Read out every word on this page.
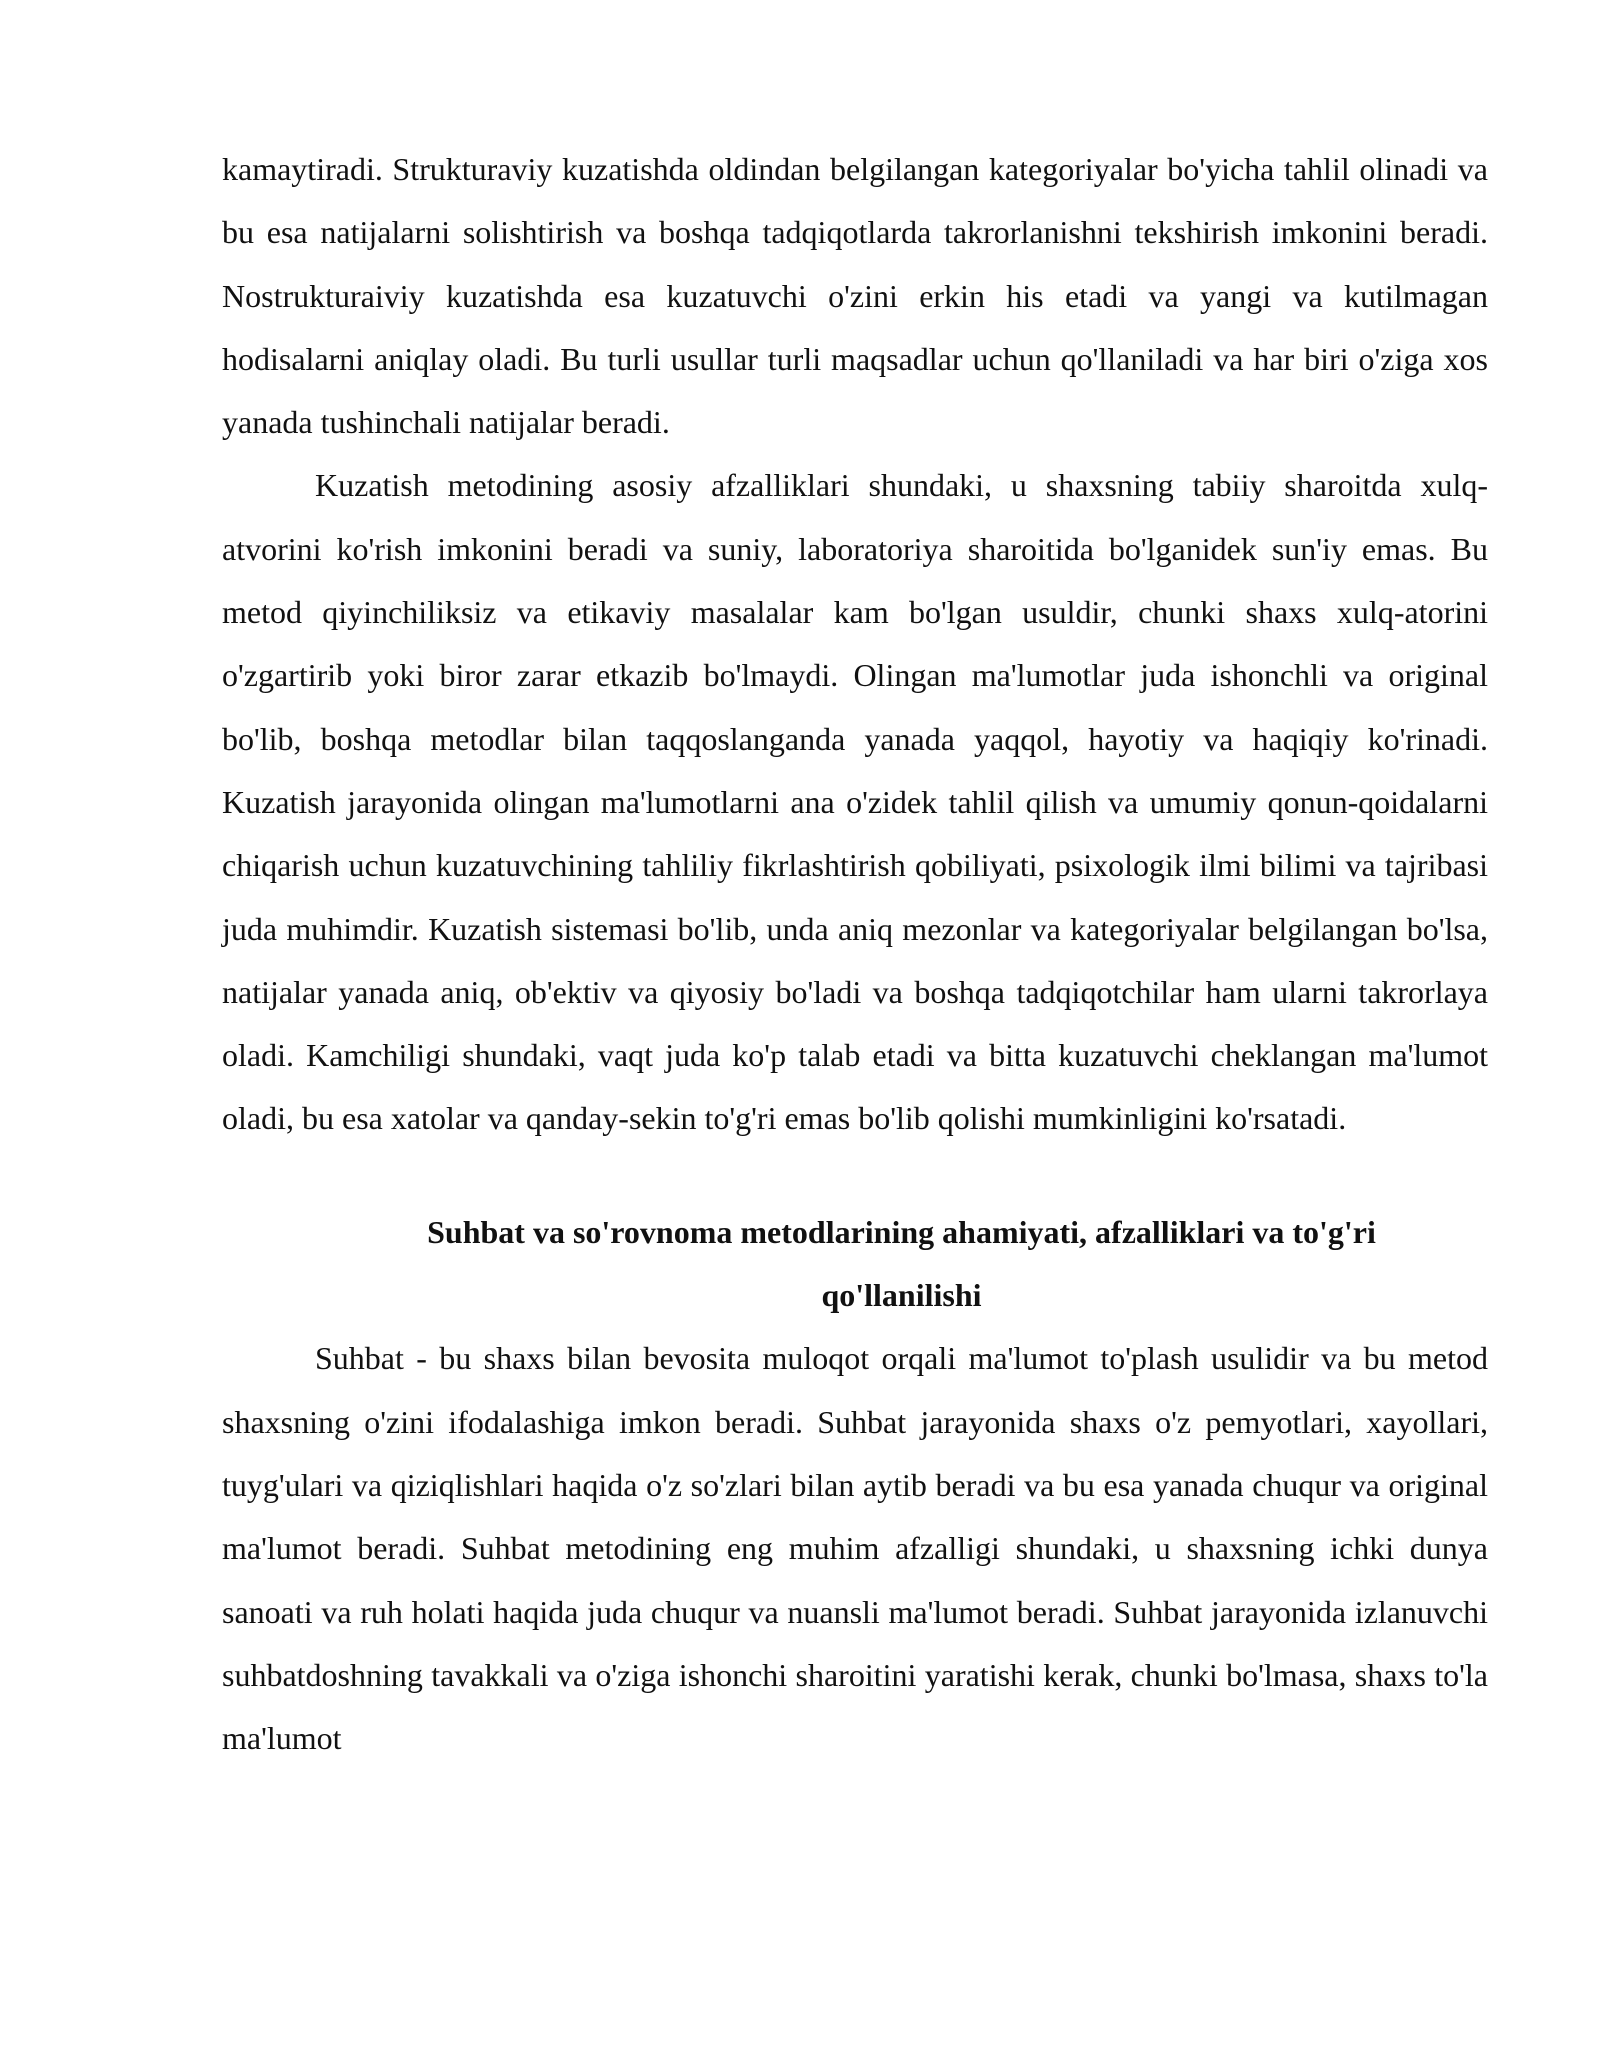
kamaytiradi. Strukturaviy kuzatishda oldindan belgilangan kategoriyalar bo'yicha tahlil olinadi va bu esa natijalarni solishtirish va boshqa tadqiqotlarda takrorlanishni tekshirish imkonini beradi. Nostrukturaiviy kuzatishda esa kuzatuvchi o'zini erkin his etadi va yangi va kutilmagan hodisalarni aniqlay oladi. Bu turli usullar turli maqsadlar uchun qo'llaniladi va har biri o'ziga xos yanada tushinchali natijalar beradi.

Kuzatish metodining asosiy afzalliklari shundaki, u shaxsning tabiiy sharoitda xulq-atvorini ko'rish imkonini beradi va suniy, laboratoriya sharoitida bo'lganidek sun'iy emas. Bu metod qiyinchiliksiz va etikaviy masalalar kam bo'lgan usuldir, chunki shaxs xulq-atorini o'zgartirib yoki biror zarar etkazib bo'lmaydi. Olingan ma'lumotlar juda ishonchli va original bo'lib, boshqa metodlar bilan taqqoslanganda yanada yaqqol, hayotiy va haqiqiy ko'rinadi. Kuzatish jarayonida olingan ma'lumotlarni ana o'zidek tahlil qilish va umumiy qonun-qoidalarni chiqarish uchun kuzatuvchining tahliliy fikrlashtirish qobiliyati, psixologik ilmi bilimi va tajribasi juda muhimdir. Kuzatish sistemasi bo'lib, unda aniq mezonlar va kategoriyalar belgilangan bo'lsa, natijalar yanada aniq, ob'ektiv va qiyosiy bo'ladi va boshqa tadqiqotchilar ham ularni takrorlaya oladi. Kamchiligi shundaki, vaqt juda ko'p talab etadi va bitta kuzatuvchi cheklangan ma'lumot oladi, bu esa xatolar va qanday-sekin to'g'ri emas bo'lib qolishi mumkinligini ko'rsatadi.

Suhbat va so'rovnoma metodlarining ahamiyati, afzalliklari va to'g'ri
qo'llanilishi

Suhbat - bu shaxs bilan bevosita muloqot orqali ma'lumot to'plash usulidir va bu metod shaxsning o'zini ifodalashiga imkon beradi. Suhbat jarayonida shaxs o'z pemyotlari, xayollari, tuyg'ulari va qiziqlishlari haqida o'z so'zlari bilan aytib beradi va bu esa yanada chuqur va original ma'lumot beradi. Suhbat metodining eng muhim afzalligi shundaki, u shaxsning ichki dunya sanoati va ruh holati haqida juda chuqur va nuansli ma'lumot beradi. Suhbat jarayonida izlanuvchi suhbatdoshning tavakkali va o'ziga ishonchi sharoitini yaratishi kerak, chunki bo'lmasa, shaxs to'la ma'lumot
